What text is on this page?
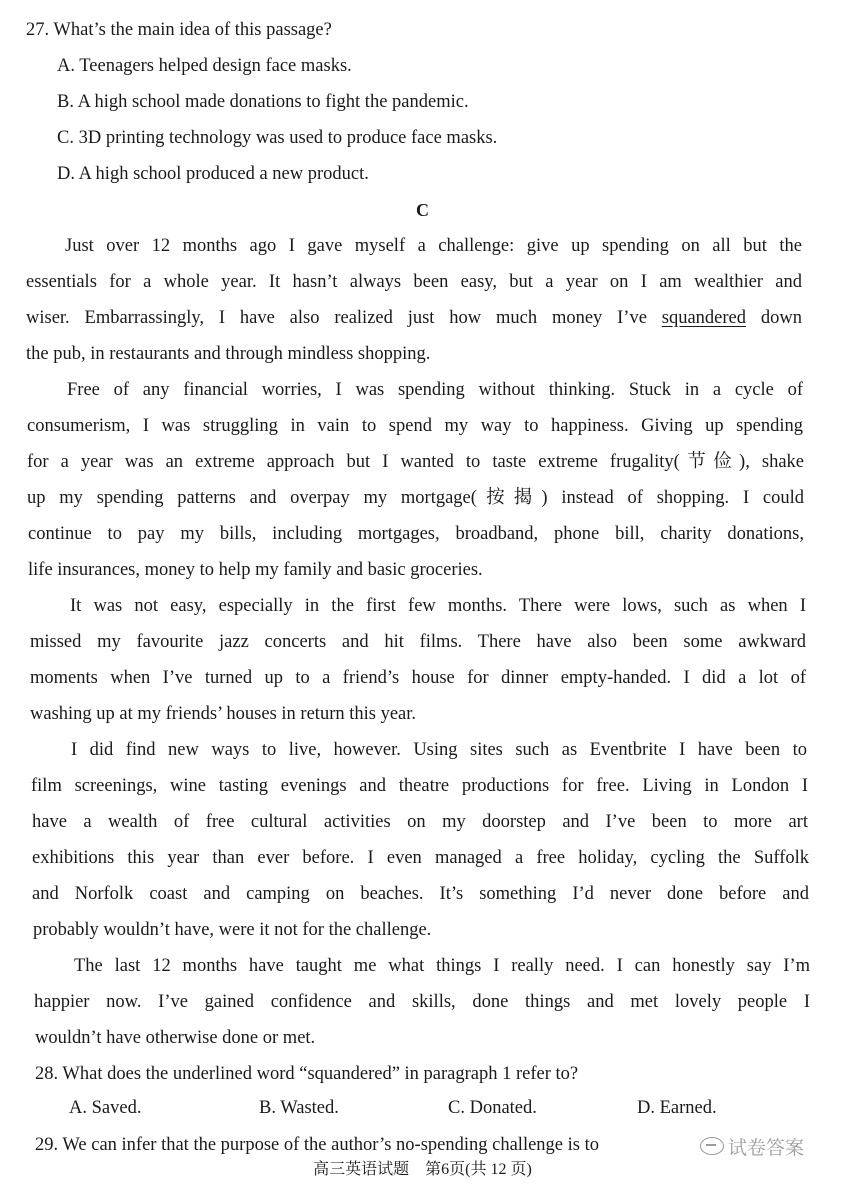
27. What’s the main idea of this passage?
A. Teenagers helped design face masks.
B. A high school made donations to fight the pandemic.
C. 3D printing technology was used to produce face masks.
D. A high school produced a new product.
C
Just over 12 months ago I gave myself a challenge: give up spending on all but the
essentials for a whole year. It hasn’t always been easy, but a year on I am wealthier and
wiser. Embarrassingly, I have also realized just how much money I’ve squandered down
the pub, in restaurants and through mindless shopping.
Free of any financial worries, I was spending without thinking. Stuck in a cycle of
consumerism, I was struggling in vain to spend my way to happiness. Giving up spending
for a year was an extreme approach but I wanted to taste extreme frugality(节俭), shake
up my spending patterns and overpay my mortgage(按揭) instead of shopping. I could
continue to pay my bills, including mortgages, broadband, phone bill, charity donations,
life insurances, money to help my family and basic groceries.
It was not easy, especially in the first few months. There were lows, such as when I
missed my favourite jazz concerts and hit films. There have also been some awkward
moments when I’ve turned up to a friend’s house for dinner empty-handed. I did a lot of
washing up at my friends’ houses in return this year.
I did find new ways to live, however. Using sites such as Eventbrite I have been to
film screenings, wine tasting evenings and theatre productions for free. Living in London I
have a wealth of free cultural activities on my doorstep and I’ve been to more art
exhibitions this year than ever before. I even managed a free holiday, cycling the Suffolk
and Norfolk coast and camping on beaches. It’s something I’d never done before and
probably wouldn’t have, were it not for the challenge.
The last 12 months have taught me what things I really need. I can honestly say I’m
happier now. I’ve gained confidence and skills, done things and met lovely people I
wouldn’t have otherwise done or met.
28. What does the underlined word “squandered” in paragraph 1 refer to?
A. Saved.	B. Wasted.	C. Donated.	D. Earned.
29. We can infer that the purpose of the author’s no-spending challenge is to	试卷答案
高三英语试题　第6页(共 12 页)
